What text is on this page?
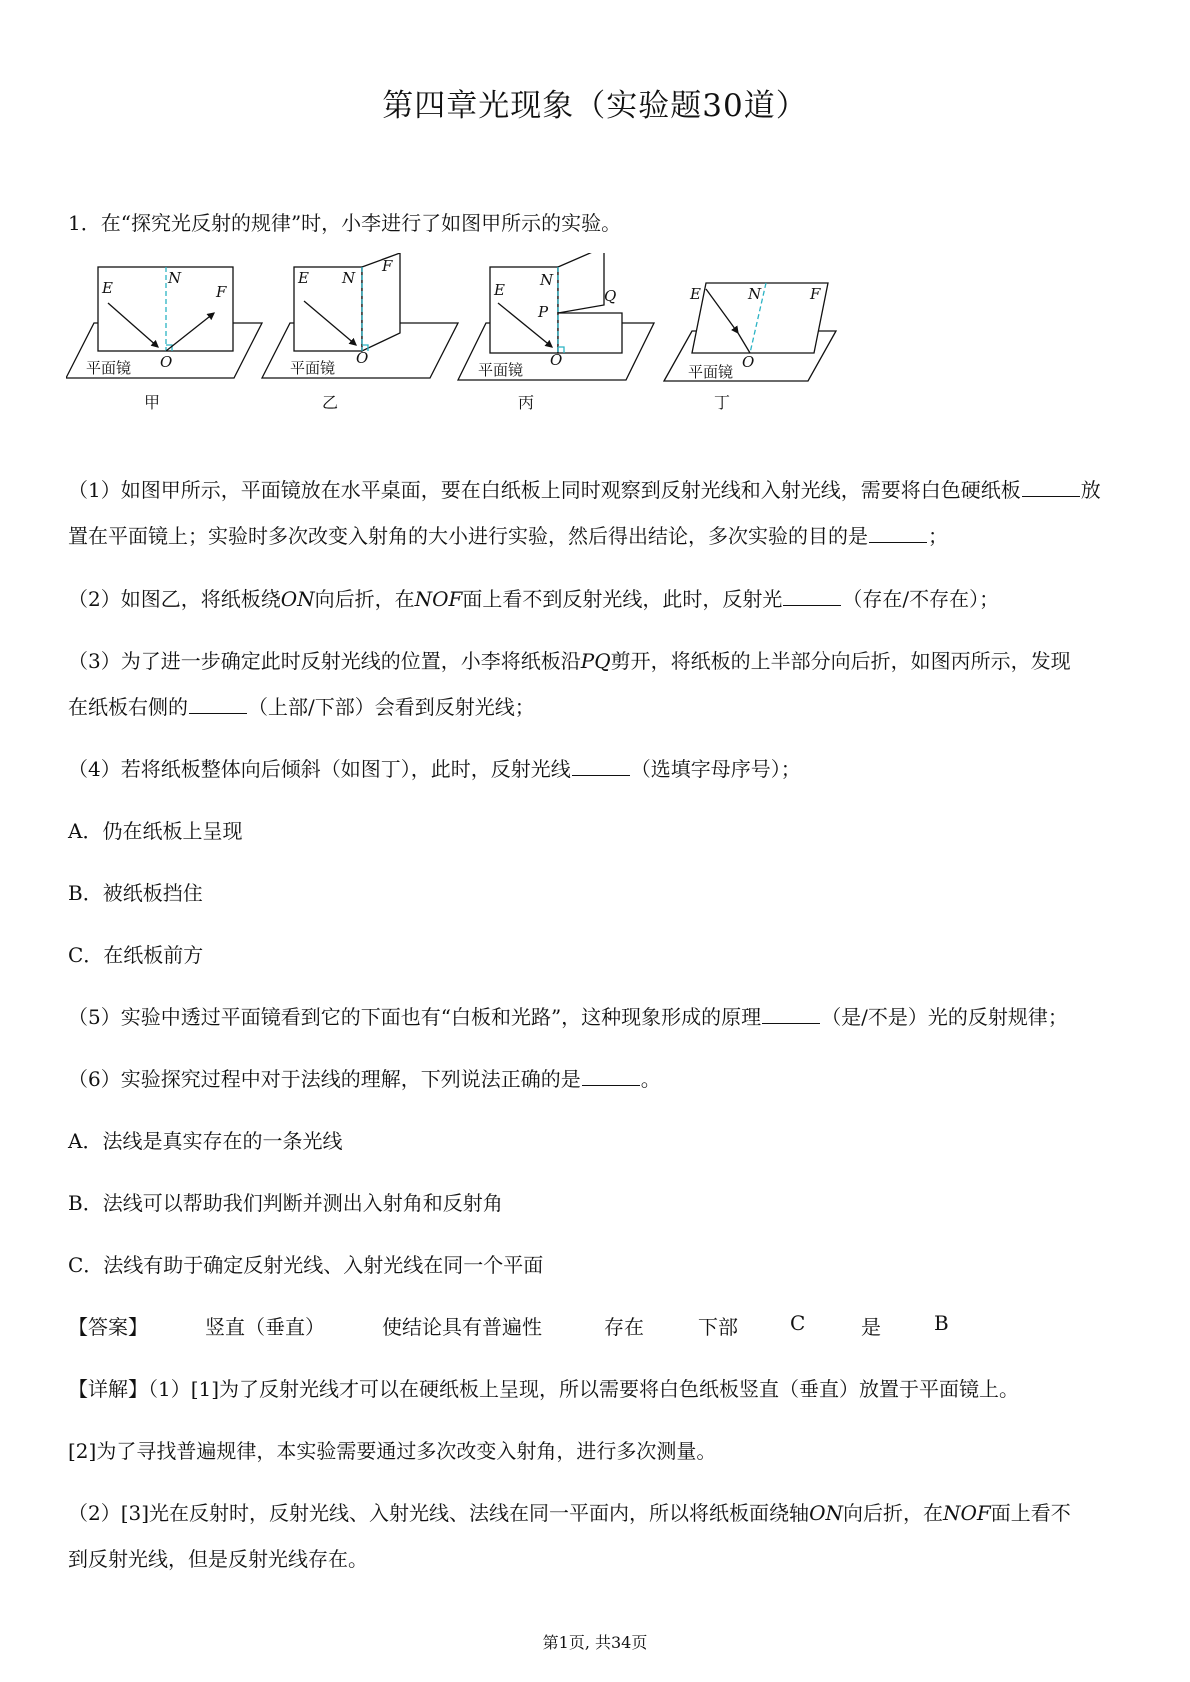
第四章光现象（实验题30道）
1．在“探究光反射的规律”时，小李进行了如图甲所示的实验。
E
N
F
O
E N
F
O
E
N
P
Q
O
E	N	F
O
平面镜	平面镜	平面镜	平面镜
甲	乙	丙	丁
（1）如图甲所示，平面镜放在水平桌面，要在白纸板上同时观察到反射光线和入射光线，需要将白色硬纸板	放
置在平面镜上；实验时多次改变入射角的大小进行实验，然后得出结论，多次实验的目的是	；
（2）如图乙，将纸板绕ON向后折，在NOF面上看不到反射光线，此时，反射光	（存在/不存在）；
（3）为了进一步确定此时反射光线的位置，小李将纸板沿PQ剪开，将纸板的上半部分向后折，如图丙所示，发现
在纸板右侧的	（上部/下部）会看到反射光线；
（4）若将纸板整体向后倾斜（如图丁），此时，反射光线	（选填字母序号）；
A．仍在纸板上呈现
B．被纸板挡住
C．在纸板前方
（5）实验中透过平面镜看到它的下面也有“白板和光路”，这种现象形成的原理	（是/不是）光的反射规律；
（6）实验探究过程中对于法线的理解，下列说法正确的是	。
A．法线是真实存在的一条光线
B．法线可以帮助我们判断并测出入射角和反射角
C．法线有助于确定反射光线、入射光线在同一个平面
【答案】	竖直（垂直）	使结论具有普遍性	存在	下部	C	是	B
【详解】（1）[1]为了反射光线才可以在硬纸板上呈现，所以需要将白色纸板竖直（垂直）放置于平面镜上。
[2]为了寻找普遍规律，本实验需要通过多次改变入射角，进行多次测量。
（2）[3]光在反射时，反射光线、入射光线、法线在同一平面内，所以将纸板面绕轴ON向后折，在NOF面上看不
到反射光线，但是反射光线存在。
第1页, 共34页
